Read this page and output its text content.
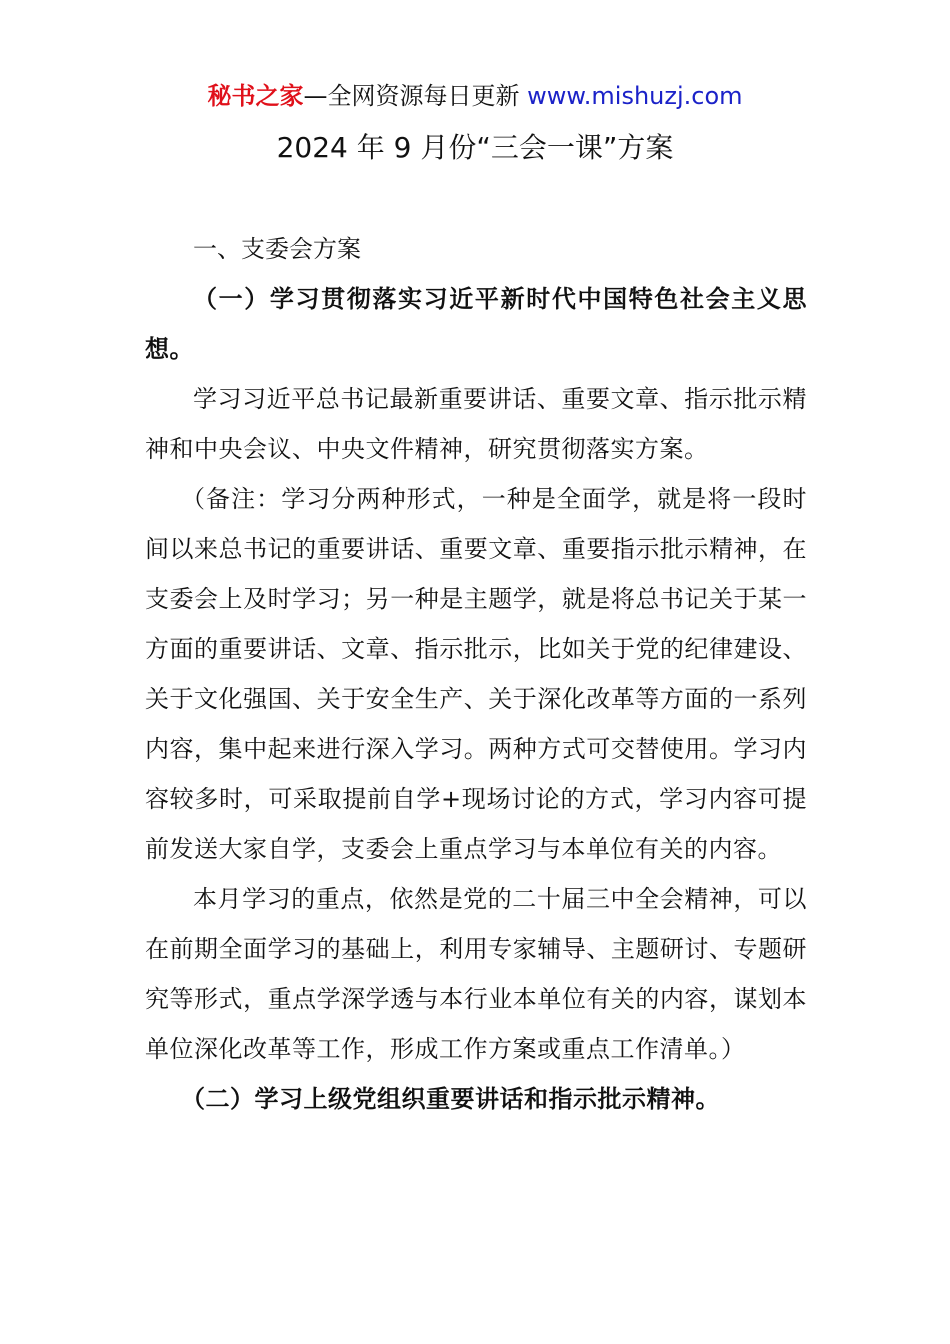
秘书之家—全网资源每日更新 www.mishuzj.com
2024 年 9 月份“三会一课”方案

一、支委会方案

（一）学习贯彻落实习近平新时代中国特色社会主义思想。

学习习近平总书记最新重要讲话、重要文章、指示批示精神和中央会议、中央文件精神，研究贯彻落实方案。

（备注：学习分两种形式，一种是全面学，就是将一段时间以来总书记的重要讲话、重要文章、重要指示批示精神，在支委会上及时学习；另一种是主题学，就是将总书记关于某一方面的重要讲话、文章、指示批示，比如关于党的纪律建设、关于文化强国、关于安全生产、关于深化改革等方面的一系列内容，集中起来进行深入学习。两种方式可交替使用。学习内容较多时，可采取提前自学+现场讨论的方式，学习内容可提前发送大家自学，支委会上重点学习与本单位有关的内容。

本月学习的重点，依然是党的二十届三中全会精神，可以在前期全面学习的基础上，利用专家辅导、主题研讨、专题研究等形式，重点学深学透与本行业本单位有关的内容，谋划本单位深化改革等工作，形成工作方案或重点工作清单。）

（二）学习上级党组织重要讲话和指示批示精神。
